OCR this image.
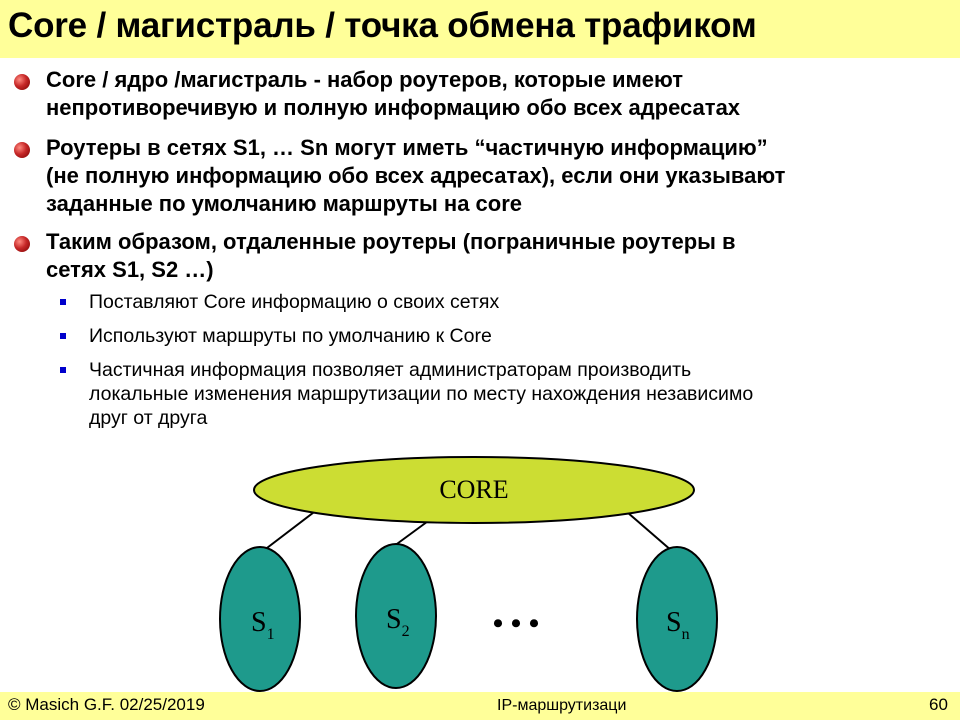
Core / магистраль / точка обмена трафиком
Core / ядро /магистраль - набор роутеров, которые имеют
непротиворечивую и полную информацию обо всех адресатах
Роутеры в сетях S1, … Sn могут иметь “частичную информацию”
(не полную информацию обо всех адресатах), если они указывают
заданные по умолчанию маршруты на core
Таким образом, отдаленные роутеры (пограничные роутеры в
сетях S1, S2 …)
Поставляют Core информацию о своих сетях
Используют маршруты по умолчанию к Core
Частичная информация позволяет администраторам производить
локальные изменения маршрутизации по месту нахождения независимо
друг от друга
CORE
$S_1$	$S_2$	• • •	$S_n$
© Masich G.F. 02/25/2019	IP-маршрутизаци	60
